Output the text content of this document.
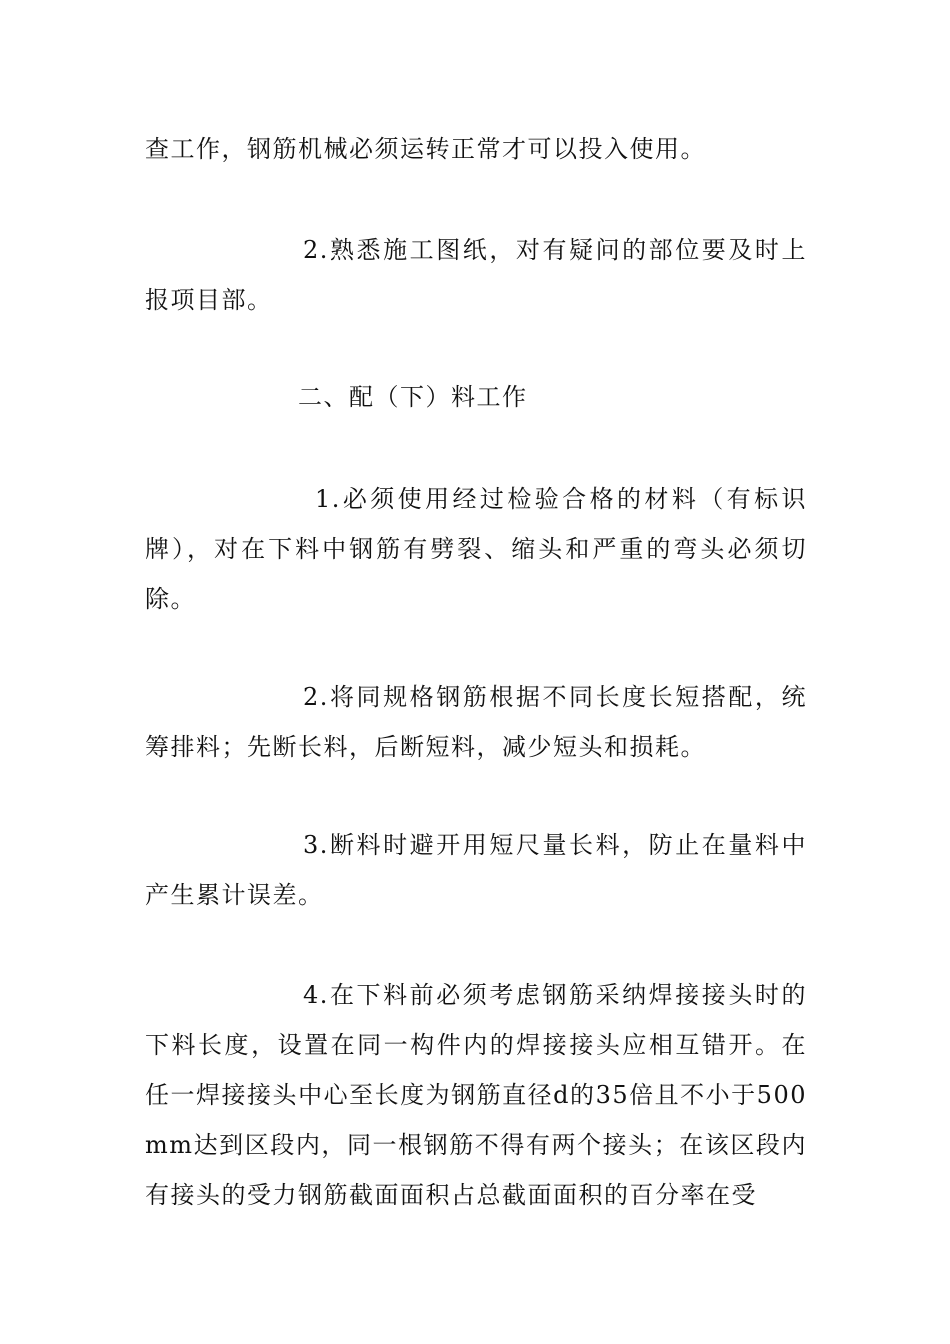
查工作，钢筋机械必须运转正常才可以投入使用。

2.熟悉施工图纸，对有疑问的部位要及时上报项目部。

二、配（下）料工作

1.必须使用经过检验合格的材料（有标识牌），对在下料中钢筋有劈裂、缩头和严重的弯头必须切除。

2.将同规格钢筋根据不同长度长短搭配，统筹排料；先断长料，后断短料，减少短头和损耗。

3.断料时避开用短尺量长料，防止在量料中产生累计误差。

4.在下料前必须考虑钢筋采纳焊接接头时的下料长度，设置在同一构件内的焊接接头应相互错开。在任一焊接接头中心至长度为钢筋直径d的35倍且不小于500mm达到区段内，同一根钢筋不得有两个接头；在该区段内有接头的受力钢筋截面面积占总截面面积的百分率在受
